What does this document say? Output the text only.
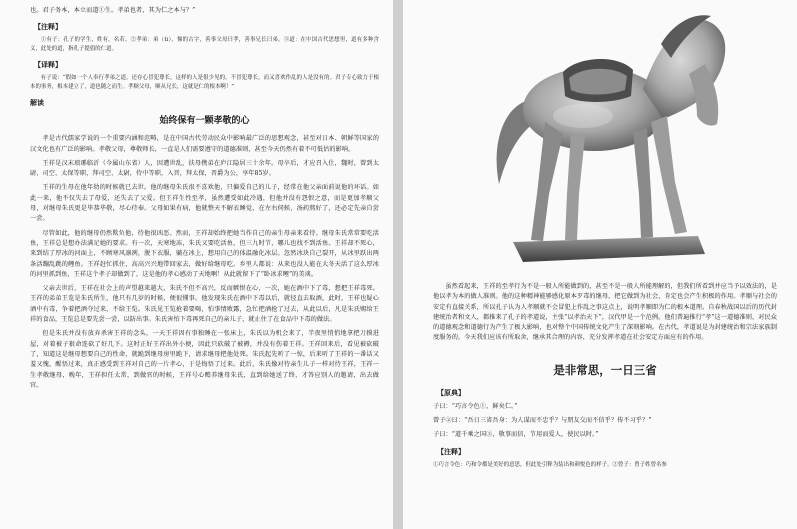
也。君子务本，本立而道①生。孝弟也者，其为仁之本与？”

【注释】

①有子：孔子的学生，姓有，名若。②孝弟：弟（tì），悌的古字，善事父母曰孝，善事兄长曰弟。③道：在中国古代思想里，道有多种含义，此处的道，指孔子提倡的仁道。

【译释】

有子说：“假如一个人奉行孝弟之道，还存心冒犯尊长，这样的人是很少见的。不冒犯尊长，而又喜欢作乱的人是没有的。君子专心致力于根本的事务，根本建立了，道也随之而生。孝顺父母，顺从兄长，这就是仁的根本啊！”

解读
始终保有一颗孝敬的心

孝是古代儒家学说的一个重要内涵和范畴，是在中国古代劳动民众中影响最广泛的思想观念，甚至对日本、朝鲜等国家的汉文化也有广泛的影响。孝敬父母，尊敬师长，一直是人们需要遵守的道德准则，甚至今天仍然有着不可低估的影响。

王祥是汉末琅琊临沂（今属山东省）人，因遭世乱，扶母携弟在庐江隐居三十余年。母卒后，才应召入仕，魏时，曾到太尉、司空、太保等职，拜司空、太尉，侍中等职，入晋，拜太保，晋爵为公，享年85岁。

王祥的生母在他年幼的时候就已去世。他的继母朱氏很不喜欢他，只偏爱自己的儿子，经常在他父亲面前说他的坏话。如此一来，他不仅失去了母爱，还失去了父爱。但王祥生性至孝，虽然遭受如此冷遇，但他并没有怨恨之意，而是更加孝顺父母，对继母朱氏更是毕恭毕敬，尽心侍奉。父母如果有病，他就整天不解衣睡觉，在左右伺候，汤药熬好了，还必定先亲自尝一尝。

尽管如此，他的继母仍然欺负他，待他很凶恶。然而，王祥却始终把她当作自己的亲生母亲来看待。继母朱氏常常要吃活鱼，王祥总是想办法满足她的要求。有一次，天寒地冻，朱氏又要吃活鱼，但三九时节，哪儿也找不到活鱼。王祥却不死心，来到结了厚冰的河面上，不顾寒风凛冽，脱下衣服，躺在冰上，想用自己的体温融化冰层。忽然冰块自己裂开，从冰里跃出两条活蹦乱跳的鲤鱼。王祥赶忙抓住，高高兴兴地带回家去，做好给继母吃。乡里人都说：从来也没人能在大冬天活了这么厚冰的河里抓到鱼，王祥这个孝子却做到了，这是他的孝心感动了天地啊！从此就留下了“卧冰求鲤”的美谈。

父亲去世后，王祥在社会上的声望越来越大，朱氏不但不高兴，反而嫉恨在心，一次，她在酒中下了毒，想把王祥毒死。王祥的弟弟王览是朱氏所生，他只有几岁的时候，便很懂事。他发现朱氏在酒中下毒以后，就径直去取酒，此时，王祥也疑心酒中有毒，争着把酒夺过来，不给王览。朱氏见王览抢着要喝，怕事情败露，急忙把酒抢了过去，从此以后，凡是朱氏赐给王祥的食品，王览总是要先尝一尝，以防出事。朱氏害怕下毒再死自己的亲儿子，就止住了在食品中下毒的做法。

但是朱氏并没有放弃杀害王祥的念头，一天王祥因有事独睡在一张床上，朱氏以为机会来了，半夜里悄悄地拿把刀摸进屋，对着被子狠命连砍了好几下。这时正好王祥出外小便，因此只砍破了被褥，并没有伤着王祥。王祥回来后，看见被砍破了，知道这是继母想要自己的性命，就跪到继母房里跪下，请求继母把他处死。朱氏起先听了一惊，后来听了王祥的一番话又羞又愧，醒悟过来，真正感受到王祥对自己的一片孝心，于是悔悟了过来。此后，朱氏像对待亲生儿子一样对待王祥，王祥一生孝敬继母，晚年，王祥担任太常，到做官的时候，王祥号心赡养继母朱氏，直到给她送了终，才答应别人的邀请，出去做官。

虽然看起来，王祥的至孝行为不是一般人所能做到的，甚至不是一般人所能理解的，但我们所看到并应当予以效法的，是他以孝为本的做人准则。他的这种精神能够感化原本歹毒的继母，把它做到为社会，肯定也会产生积极的作用。孝顺与社会的安定有直接关系，所以孔子认为人孝顺就不会冒犯上作乱之事这点上，说明孝顺即为仁的根本道理。自春秋战国以后的历代封建统治者和文人，都推来了孔子的孝道说，主张“以孝治天下”，汉代甲是一个范例。他们普遍推行“孝”这一道德准则，对民众的道德观念和道德行为产生了极大影响，也对整个中国传统文化产生了深刻影响。在古代，孝道说是为封建统治和宗法家族制度服务的，今天我们应该有所取舍，继承其合理的内容，充分发挥孝道在社会安定方面应有的作用。

是非常思，一日三省
【原典】

子曰：“巧言令色①，鲜矣仁。”

曾子②曰：“吾日三省吾身：为人谋而不忠乎？与朋友交而不信乎？传不习乎？”

子曰：“道千乘之国③，敬事而信，节用而爱人，使民以时。”

【注释】

①巧言令色：巧和令都是美好的意思，但此处引释为装出和颜悦色的样子。②曾子：曾子姓曾名参
